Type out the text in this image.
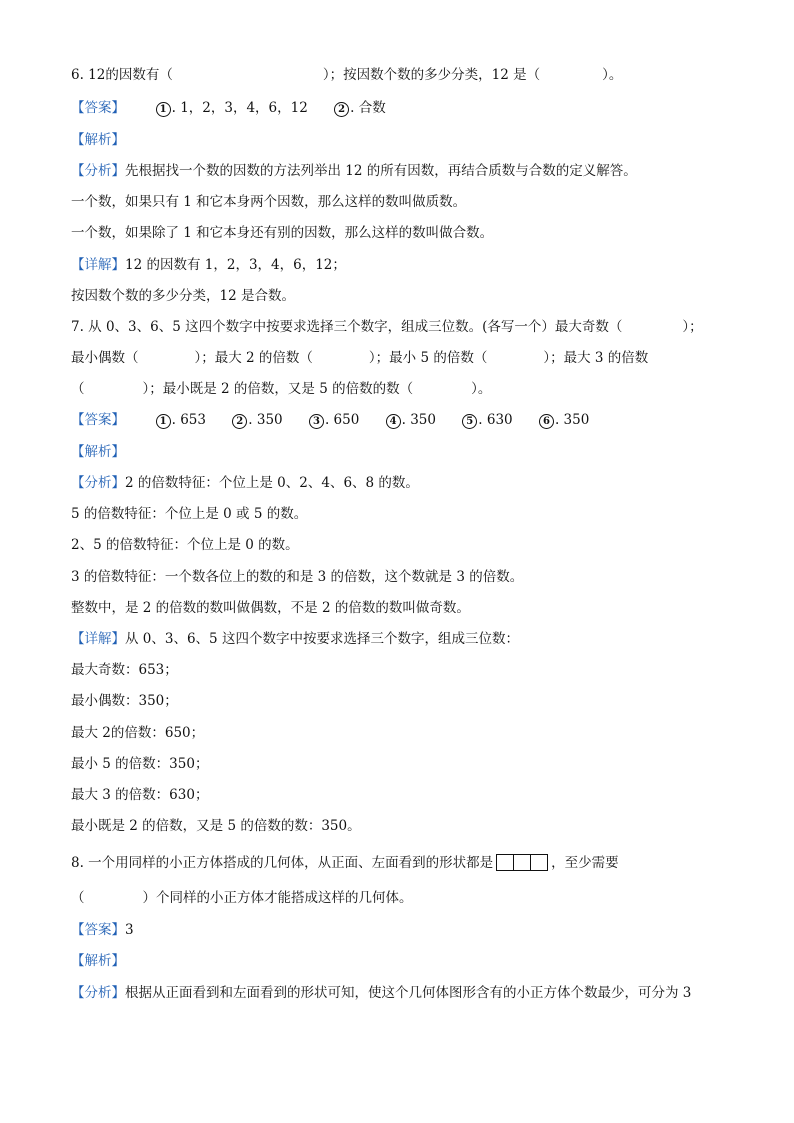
6. 12的因数有（	）；按因数个数的多少分类，12 是（	）。
【答案】	1 . 1，2，3，4，6，12	2 . 合数
【解析】
【分析】先根据找一个数的因数的方法列举出 12 的所有因数，再结合质数与合数的定义解答。
一个数，如果只有 1 和它本身两个因数，那么这样的数叫做质数。
一个数，如果除了 1 和它本身还有别的因数，那么这样的数叫做合数。
【详解】12 的因数有 1，2，3，4，6，12；
按因数个数的多少分类，12 是合数。
7. 从 0、3、6、5 这四个数字中按要求选择三个数字，组成三位数。(各写一个）最大奇数（	）；
最小偶数（	）；最大 2 的倍数（	）；最小 5 的倍数（	）；最大 3 的倍数
（	）；最小既是 2 的倍数，又是 5 的倍数的数（	）。
【答案】	1 . 653	2 . 350	3 . 650	4 . 350	5 . 630	6 . 350
【解析】
【分析】2 的倍数特征：个位上是 0、2、4、6、8 的数。
5 的倍数特征：个位上是 0 或 5 的数。
2、5 的倍数特征：个位上是 0 的数。
3 的倍数特征：一个数各位上的数的和是 3 的倍数，这个数就是 3 的倍数。
整数中，是 2 的倍数的数叫做偶数，不是 2 的倍数的数叫做奇数。
【详解】从 0、3、6、5 这四个数字中按要求选择三个数字，组成三位数：
最大奇数：653；
最小偶数：350；
最大 2的倍数：650；
最小 5 的倍数：350；
最大 3 的倍数：630；
最小既是 2 的倍数，又是 5 的倍数的数：350。
8. 一个用同样的小正方体搭成的几何体，从正面、左面看到的形状都是	，至少需要
（	）个同样的小正方体才能搭成这样的几何体。
【答案】3
【解析】
【分析】根据从正面看到和左面看到的形状可知，使这个几何体图形含有的小正方体个数最少，可分为 3
